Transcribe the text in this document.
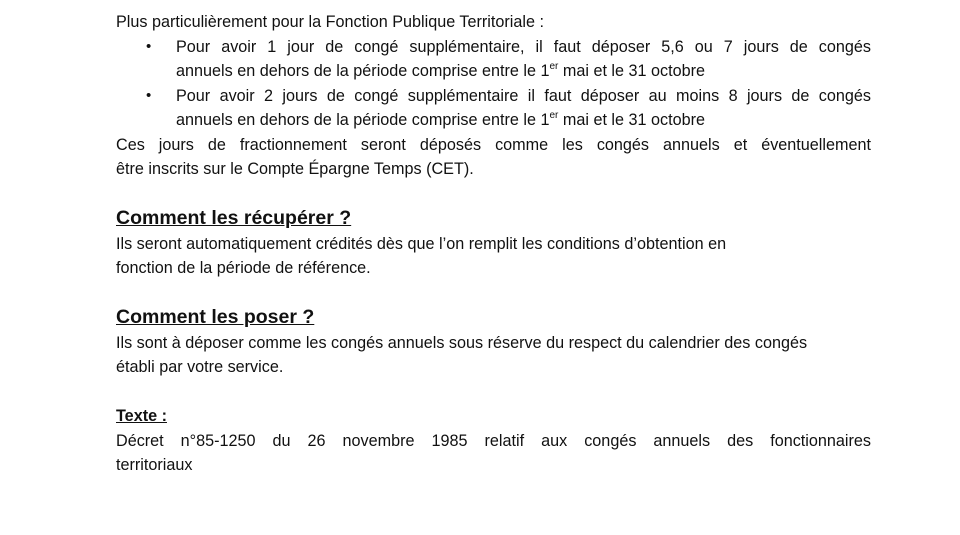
Plus particulièrement pour la Fonction Publique Territoriale :

• Pour avoir 1 jour de congé supplémentaire, il faut déposer 5,6 ou 7 jours de congés
annuels en dehors de la période comprise entre le 1er mai et le 31 octobre
• Pour avoir 2 jours de congé supplémentaire il faut déposer au moins 8 jours de congés
annuels en dehors de la période comprise entre le 1er mai et le 31 octobre

Ces jours de fractionnement seront déposés comme les congés annuels et éventuellement

être inscrits sur le Compte Épargne Temps (CET).

Comment les récupérer ?

Ils seront automatiquement crédités dès que l’on remplit les conditions d’obtention en

fonction de la période de référence.

Comment les poser ?

Ils sont à déposer comme les congés annuels sous réserve du respect du calendrier des congés

établi par votre service.

Texte :

Décret n°85-1250 du 26 novembre 1985 relatif aux congés annuels des fonctionnaires

territoriaux
